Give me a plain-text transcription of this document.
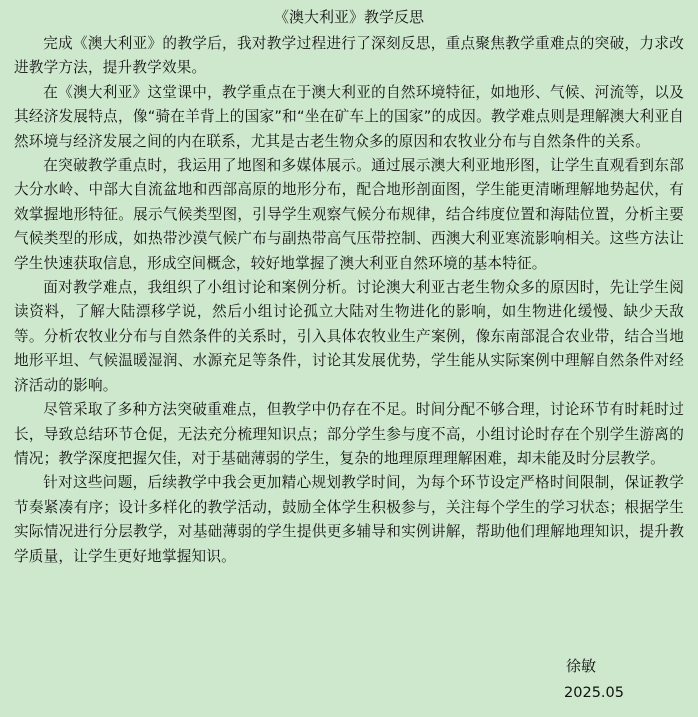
《澳大利亚》教学反思

完成《澳大利亚》的教学后，我对教学过程进行了深刻反思，重点聚焦教学重难点的突破，力求改进教学方法，提升教学效果。

在《澳大利亚》这堂课中，教学重点在于澳大利亚的自然环境特征，如地形、气候、河流等，以及其经济发展特点，像“骑在羊背上的国家”和“坐在矿车上的国家”的成因。教学难点则是理解澳大利亚自然环境与经济发展之间的内在联系，尤其是古老生物众多的原因和农牧业分布与自然条件的关系。

在突破教学重点时，我运用了地图和多媒体展示。通过展示澳大利亚地形图，让学生直观看到东部大分水岭、中部大自流盆地和西部高原的地形分布，配合地形剖面图，学生能更清晰理解地势起伏，有效掌握地形特征。展示气候类型图，引导学生观察气候分布规律，结合纬度位置和海陆位置，分析主要气候类型的形成，如热带沙漠气候广布与副热带高气压带控制、西澳大利亚寒流影响相关。这些方法让学生快速获取信息，形成空间概念，较好地掌握了澳大利亚自然环境的基本特征。

面对教学难点，我组织了小组讨论和案例分析。讨论澳大利亚古老生物众多的原因时，先让学生阅读资料，了解大陆漂移学说，然后小组讨论孤立大陆对生物进化的影响，如生物进化缓慢、缺少天敌等。分析农牧业分布与自然条件的关系时，引入具体农牧业生产案例，像东南部混合农业带，结合当地地形平坦、气候温暖湿润、水源充足等条件，讨论其发展优势，学生能从实际案例中理解自然条件对经济活动的影响。

尽管采取了多种方法突破重难点，但教学中仍存在不足。时间分配不够合理，讨论环节有时耗时过长，导致总结环节仓促，无法充分梳理知识点；部分学生参与度不高，小组讨论时存在个别学生游离的情况；教学深度把握欠佳，对于基础薄弱的学生，复杂的地理原理理解困难，却未能及时分层教学。

针对这些问题，后续教学中我会更加精心规划教学时间，为每个环节设定严格时间限制，保证教学节奏紧凑有序；设计多样化的教学活动，鼓励全体学生积极参与，关注每个学生的学习状态；根据学生实际情况进行分层教学，对基础薄弱的学生提供更多辅导和实例讲解，帮助他们理解地理知识，提升教学质量，让学生更好地掌握知识。

徐敏
2025.05
